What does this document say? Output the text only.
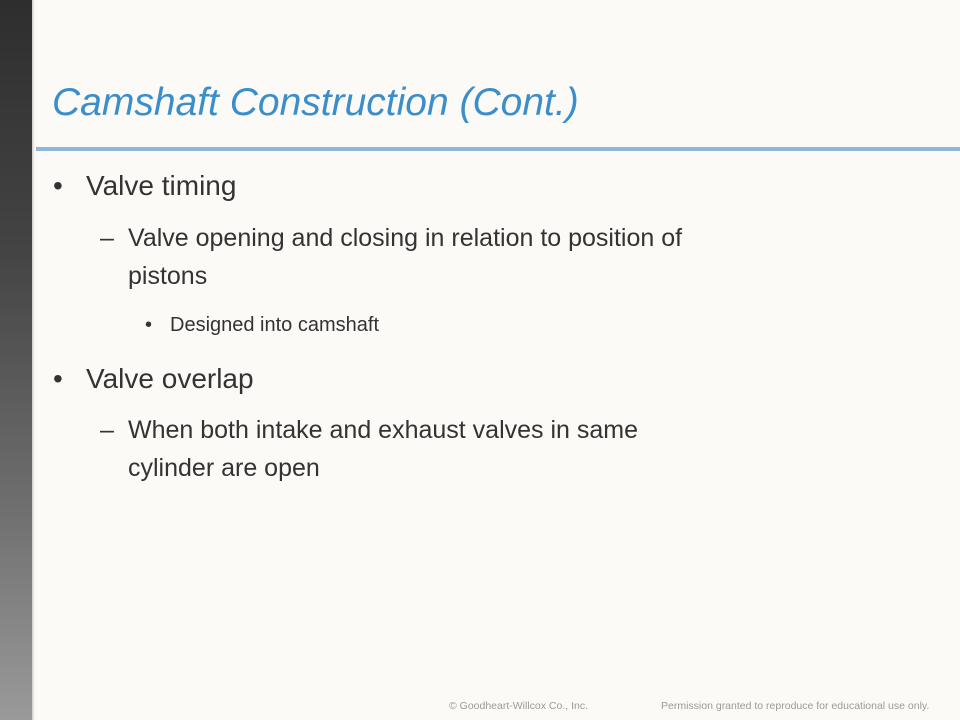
Camshaft Construction (Cont.)
• Valve timing
– Valve opening and closing in relation to position of
pistons
• Designed into camshaft
• Valve overlap
– When both intake and exhaust valves in same
cylinder are open
© Goodheart-Willcox Co., Inc.	Permission granted to reproduce for educational use only.
